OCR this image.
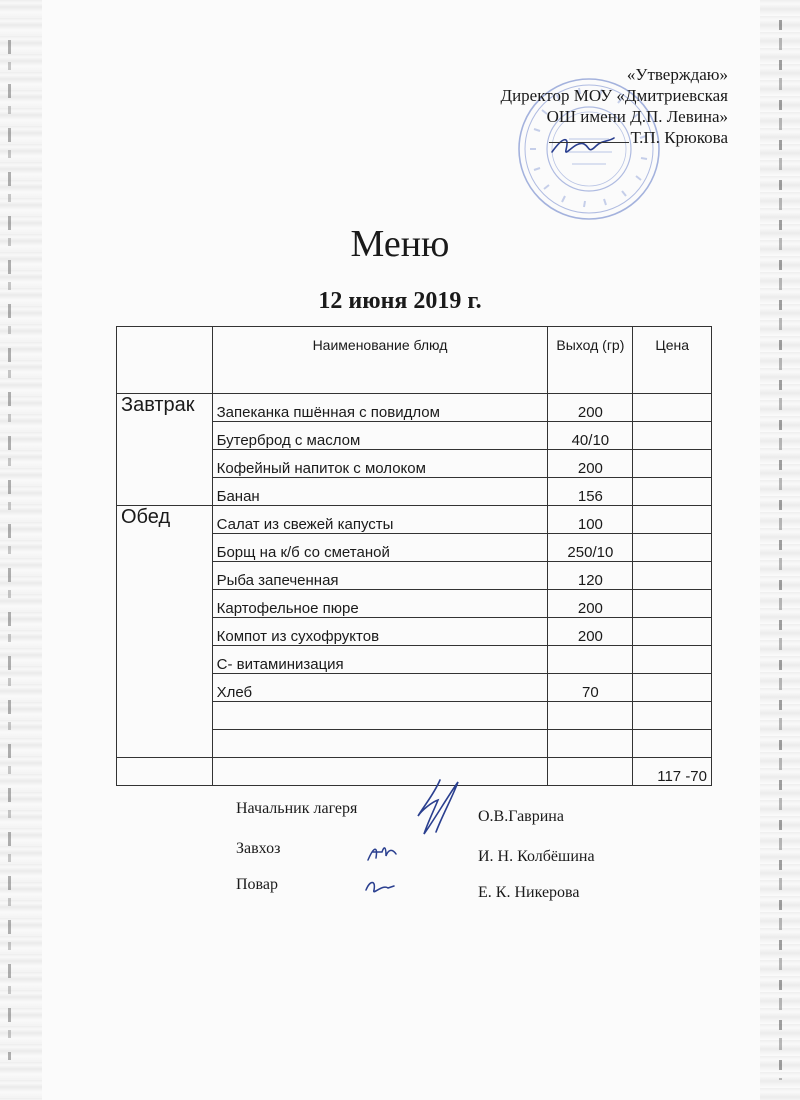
«Утверждаю»
Директор МОУ «Дмитриевская
ОШ имени Д.П. Левина»
Т.П. Крюкова
Меню
12 июня 2019 г.
	Наименование блюд	Выход (гр)	Цена
Завтрак	Запеканка пшённая с повидлом	200	
	Бутерброд с маслом	40/10	
	Кофейный напиток с молоком	200	
	Банан	156	
Обед	Салат из свежей капусты	100	
	Борщ на к/б со сметаной	250/10	
	Рыба запеченная	120	
	Картофельное пюре	200	
	Компот из сухофруктов	200	
	С- витаминизация		
	Хлеб	70	

			117 -70
Начальник лагеря	О.В.Гаврина
Завхоз	И. Н. Колбёшина
Повар	Е. К. Никерова
